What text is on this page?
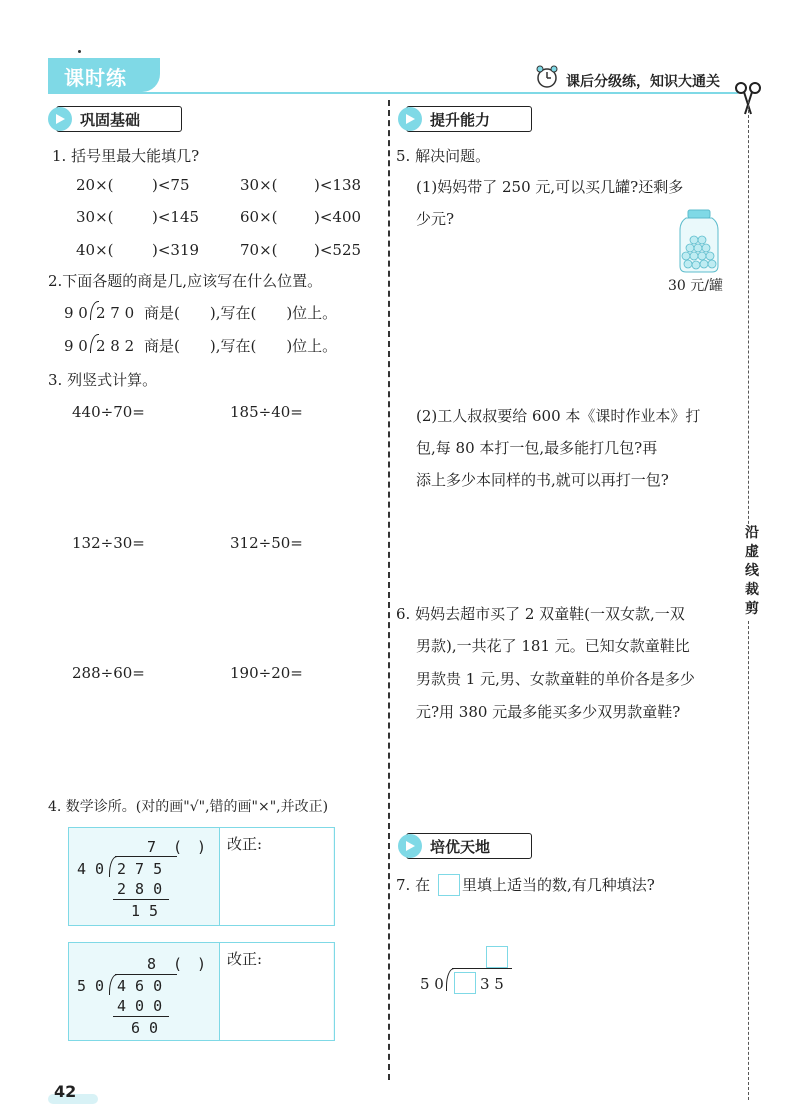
课时练	课后分级练，知识大通关
沿
虚
线
裁
剪
巩固基础
1. 括号里最大能填几?
20×(	)<75	30×( )<138
30×(	)<145	60×( )<400
40×(	)<319	70×( )<525
2.下面各题的商是几,应该写在什么位置。
9 0 2 7 0 商是(　　),写在(　　)位上。
9 0 2 8 2 商是(　　),写在(　　)位上。
3. 列竖式计算。
440÷70=	185÷40=
132÷30=	312÷50=
288÷60=	190÷20=
4. 数学诊所。(对的画"√",错的画"×",并改正)
7 (　)
4 0 2 7 5
2 8 0
1 5
改正:
8 (　)
5 0 4 6 0
4 0 0
6 0
改正:
提升能力
5. 解决问题。
(1)妈妈带了 250 元,可以买几罐?还剩多
少元?
30 元/罐
(2)工人叔叔要给 600 本《课时作业本》打
包,每 80 本打一包,最多能打几包?再
添上多少本同样的书,就可以再打一包?
6. 妈妈去超市买了 2 双童鞋(一双女款,一双
男款),一共花了 181 元。已知女款童鞋比
男款贵 1 元,男、女款童鞋的单价各是多少
元?用 380 元最多能买多少双男款童鞋?
培优天地
7. 在 里填上适当的数,有几种填法?
5 0 3 5
42
